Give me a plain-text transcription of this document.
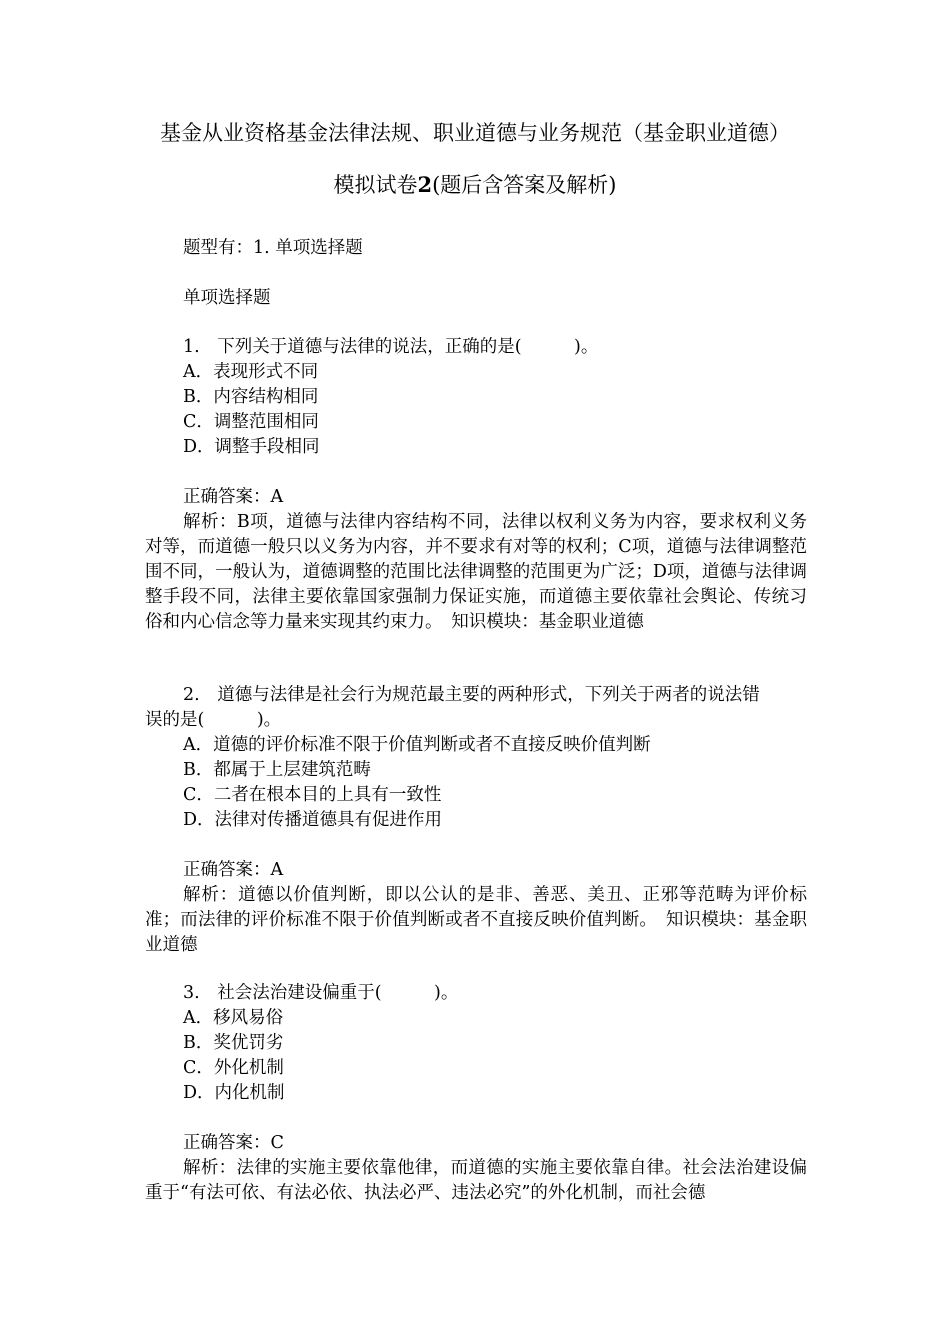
基金从业资格基金法律法规、职业道德与业务规范（基金职业道德）
模拟试卷2(题后含答案及解析)
题型有：1. 单项选择题
单项选择题
1.　 下列关于道德与法律的说法，正确的是(　　　)。
A．表现形式不同
B．内容结构相同
C．调整范围相同
D．调整手段相同
正确答案：A
解析：B项，道德与法律内容结构不同，法律以权利义务为内容，要求权利义务对等，而道德一般只以义务为内容，并不要求有对等的权利；C项，道德与法律调整范围不同，一般认为，道德调整的范围比法律调整的范围更为广泛；D项，道德与法律调整手段不同，法律主要依靠国家强制力保证实施，而道德主要依靠社会舆论、传统习俗和内心信念等力量来实现其约束力。　知识模块：基金职业道德
2.　 道德与法律是社会行为规范最主要的两种形式，下列关于两者的说法错
误的是(　　　)。
A．道德的评价标准不限于价值判断或者不直接反映价值判断
B．都属于上层建筑范畴
C．二者在根本目的上具有一致性
D．法律对传播道德具有促进作用
正确答案：A
解析：道德以价值判断，即以公认的是非、善恶、美丑、正邪等范畴为评价标准；而法律的评价标准不限于价值判断或者不直接反映价值判断。　知识模块：基金职业道德
3.　 社会法治建设偏重于(　　　)。
A．移风易俗
B．奖优罚劣
C．外化机制
D．内化机制
正确答案：C
解析：法律的实施主要依靠他律，而道德的实施主要依靠自律。社会法治建设偏重于“有法可依、有法必依、执法必严、违法必究”的外化机制，而社会德
